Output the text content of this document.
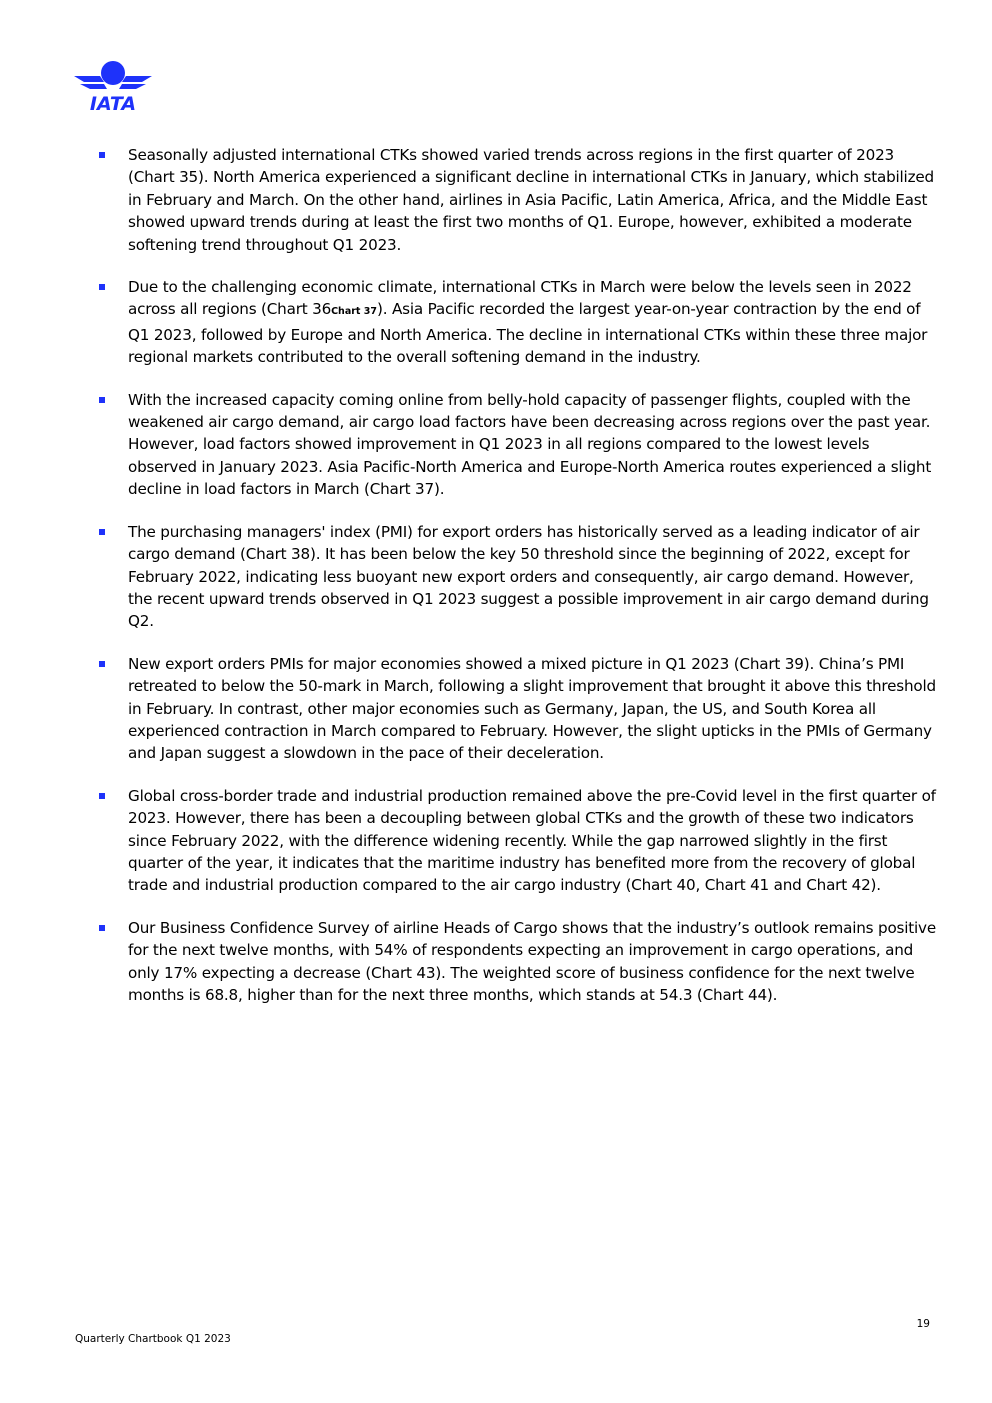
IATA
Seasonally adjusted international CTKs showed varied trends across regions in the first quarter of 2023 (Chart 35). North America experienced a significant decline in international CTKs in January, which stabilized in February and March. On the other hand, airlines in Asia Pacific, Latin America, Africa, and the Middle East showed upward trends during at least the first two months of Q1. Europe, however, exhibited a moderate softening trend throughout Q1 2023.
Due to the challenging economic climate, international CTKs in March were below the levels seen in 2022 across all regions (Chart 36Chart 37). Asia Pacific recorded the largest year-on-year contraction by the end of Q1 2023, followed by Europe and North America. The decline in international CTKs within these three major regional markets contributed to the overall softening demand in the industry.
With the increased capacity coming online from belly-hold capacity of passenger flights, coupled with the weakened air cargo demand, air cargo load factors have been decreasing across regions over the past year. However, load factors showed improvement in Q1 2023 in all regions compared to the lowest levels observed in January 2023. Asia Pacific-North America and Europe-North America routes experienced a slight decline in load factors in March (Chart 37).
The purchasing managers' index (PMI) for export orders has historically served as a leading indicator of air cargo demand (Chart 38). It has been below the key 50 threshold since the beginning of 2022, except for February 2022, indicating less buoyant new export orders and consequently, air cargo demand. However, the recent upward trends observed in Q1 2023 suggest a possible improvement in air cargo demand during Q2.
New export orders PMIs for major economies showed a mixed picture in Q1 2023 (Chart 39). China’s PMI retreated to below the 50-mark in March, following a slight improvement that brought it above this threshold in February. In contrast, other major economies such as Germany, Japan, the US, and South Korea all experienced contraction in March compared to February. However, the slight upticks in the PMIs of Germany and Japan suggest a slowdown in the pace of their deceleration.
Global cross-border trade and industrial production remained above the pre-Covid level in the first quarter of 2023. However, there has been a decoupling between global CTKs and the growth of these two indicators since February 2022, with the difference widening recently. While the gap narrowed slightly in the first quarter of the year, it indicates that the maritime industry has benefited more from the recovery of global trade and industrial production compared to the air cargo industry (Chart 40, Chart 41 and Chart 42).
Our Business Confidence Survey of airline Heads of Cargo shows that the industry’s outlook remains positive for the next twelve months, with 54% of respondents expecting an improvement in cargo operations, and only 17% expecting a decrease (Chart 43). The weighted score of business confidence for the next twelve months is 68.8, higher than for the next three months, which stands at 54.3 (Chart 44).
19
Quarterly Chartbook Q1 2023
